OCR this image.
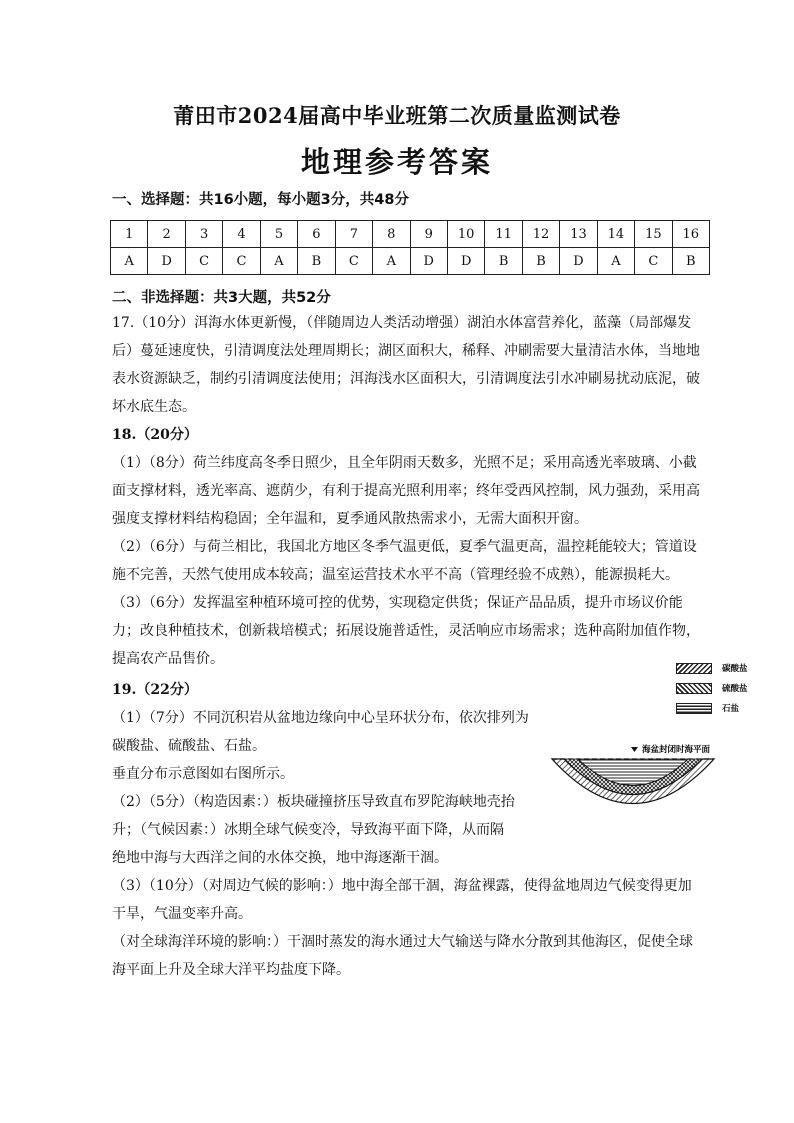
莆田市2024届高中毕业班第二次质量监测试卷
地理参考答案
一、选择题：共16小题，每小题3分，共48分
1	2	3	4	5	6	7	8	9	10	11	12	13	14	15	16
A	D	C	C	A	B	C	A	D	D	B	B	D	A	C	B
二、非选择题：共3大题，共52分

17.（10分）洱海水体更新慢，（伴随周边人类活动增强）湖泊水体富营养化，蓝藻（局部爆发后）蔓延速度快，引清调度法处理周期长；湖区面积大，稀释、冲刷需要大量清洁水体，当地地表水资源缺乏，制约引清调度法使用；洱海浅水区面积大，引清调度法引水冲刷易扰动底泥，破坏水底生态。

18.（20分）

（1）（8分）荷兰纬度高冬季日照少，且全年阴雨天数多，光照不足；采用高透光率玻璃、小截面支撑材料，透光率高、遮荫少，有利于提高光照利用率；终年受西风控制，风力强劲，采用高强度支撑材料结构稳固；全年温和，夏季通风散热需求小，无需大面积开窗。

（2）（6分）与荷兰相比，我国北方地区冬季气温更低，夏季气温更高，温控耗能较大；管道设施不完善，天然气使用成本较高；温室运营技术水平不高（管理经验不成熟），能源损耗大。

（3）（6分）发挥温室种植环境可控的优势，实现稳定供货；保证产品品质，提升市场议价能力；改良种植技术，创新栽培模式；拓展设施普适性，灵活响应市场需求；选种高附加值作物，提高农产品售价。

19.（22分）
（1）（7分）不同沉积岩从盆地边缘向中心呈环状分布，依次排列为
碳酸盐、硫酸盐、石盐。
垂直分布示意图如右图所示。
（2）（5分）（构造因素：）板块碰撞挤压导致直布罗陀海峡地壳抬
升；（气候因素：）冰期全球气候变冷，导致海平面下降，从而隔
绝地中海与大西洋之间的水体交换，地中海逐渐干涸。

（3）（10分）（对周边气候的影响：）地中海全部干涸，海盆裸露，使得盆地周边气候变得更加干旱，气温变率升高。

（对全球海洋环境的影响：）干涸时蒸发的海水通过大气输送与降水分散到其他海区，促使全球海平面上升及全球大洋平均盐度下降。

碳酸盐
硫酸盐
石盐
海盆封闭时海平面
